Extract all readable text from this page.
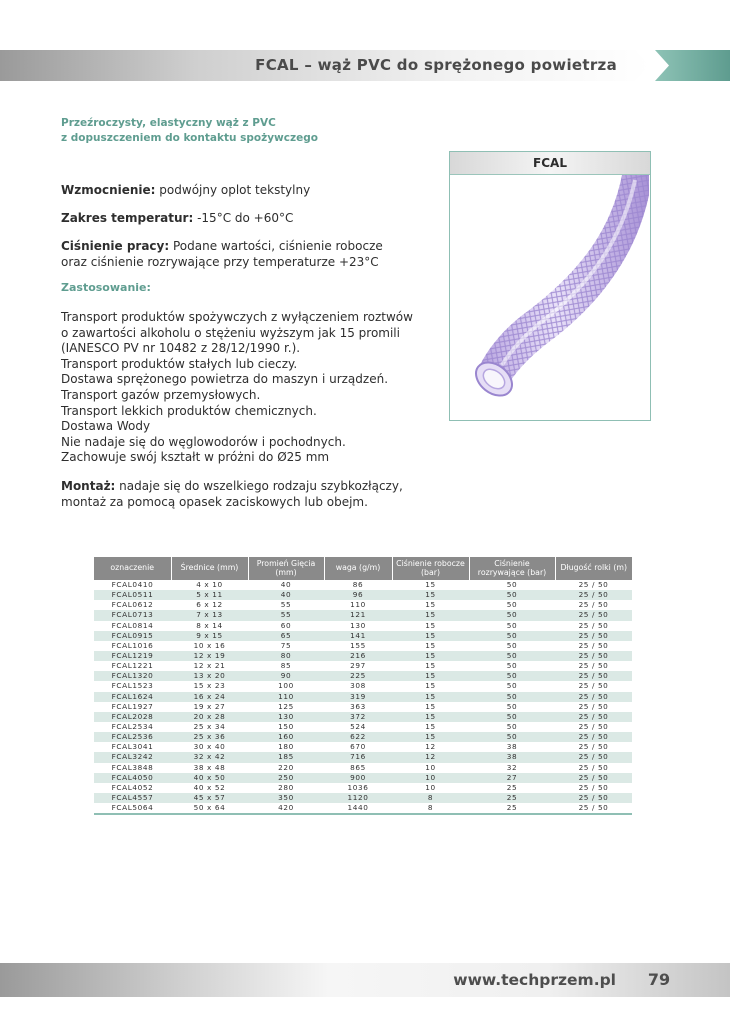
FCAL – wąż PVC do sprężonego powietrza
Przeźroczysty, elastyczny wąż z PVC
z dopuszczeniem do kontaktu spożywczego
Wzmocnienie: podwójny oplot tekstylny
Zakres temperatur: -15°C do +60°C
Ciśnienie pracy: Podane wartości, ciśnienie robocze
oraz ciśnienie rozrywające przy temperaturze +23°C
Zastosowanie:
Transport produktów spożywczych z wyłączeniem roztwów
o zawartości alkoholu o stężeniu wyższym jak 15 promili
(IANESCO PV nr 10482 z 28/12/1990 r.).
Transport produktów stałych lub cieczy.
Dostawa sprężonego powietrza do maszyn i urządzeń.
Transport gazów przemysłowych.
Transport lekkich produktów chemicznych.
Dostawa Wody
Nie nadaje się do węglowodorów i pochodnych.
Zachowuje swój kształt w próżni do Ø25 mm
Montaż: nadaje się do wszelkiego rodzaju szybkozłączy,
montaż za pomocą opasek zaciskowych lub obejm.
FCAL
oznaczenie	Średnice (mm)	Promień Gięcia (mm)	waga (g/m)	Ciśnienie robocze (bar)	Ciśnienie rozrywające (bar)	Długość rolki (m)
FCAL0410	4 x 10	40	86	15	50	25 / 50
FCAL0511	5 x 11	40	96	15	50	25 / 50
FCAL0612	6 x 12	55	110	15	50	25 / 50
FCAL0713	7 x 13	55	121	15	50	25 / 50
FCAL0814	8 x 14	60	130	15	50	25 / 50
FCAL0915	9 x 15	65	141	15	50	25 / 50
FCAL1016	10 x 16	75	155	15	50	25 / 50
FCAL1219	12 x 19	80	216	15	50	25 / 50
FCAL1221	12 x 21	85	297	15	50	25 / 50
FCAL1320	13 x 20	90	225	15	50	25 / 50
FCAL1523	15 x 23	100	308	15	50	25 / 50
FCAL1624	16 x 24	110	319	15	50	25 / 50
FCAL1927	19 x 27	125	363	15	50	25 / 50
FCAL2028	20 x 28	130	372	15	50	25 / 50
FCAL2534	25 x 34	150	524	15	50	25 / 50
FCAL2536	25 x 36	160	622	15	50	25 / 50
FCAL3041	30 x 40	180	670	12	38	25 / 50
FCAL3242	32 x 42	185	716	12	38	25 / 50
FCAL3848	38 x 48	220	865	10	32	25 / 50
FCAL4050	40 x 50	250	900	10	27	25 / 50
FCAL4052	40 x 52	280	1036	10	25	25 / 50
FCAL4557	45 x 57	350	1120	8	25	25 / 50
FCAL5064	50 x 64	420	1440	8	25	25 / 50
www.techprzem.pl	79
